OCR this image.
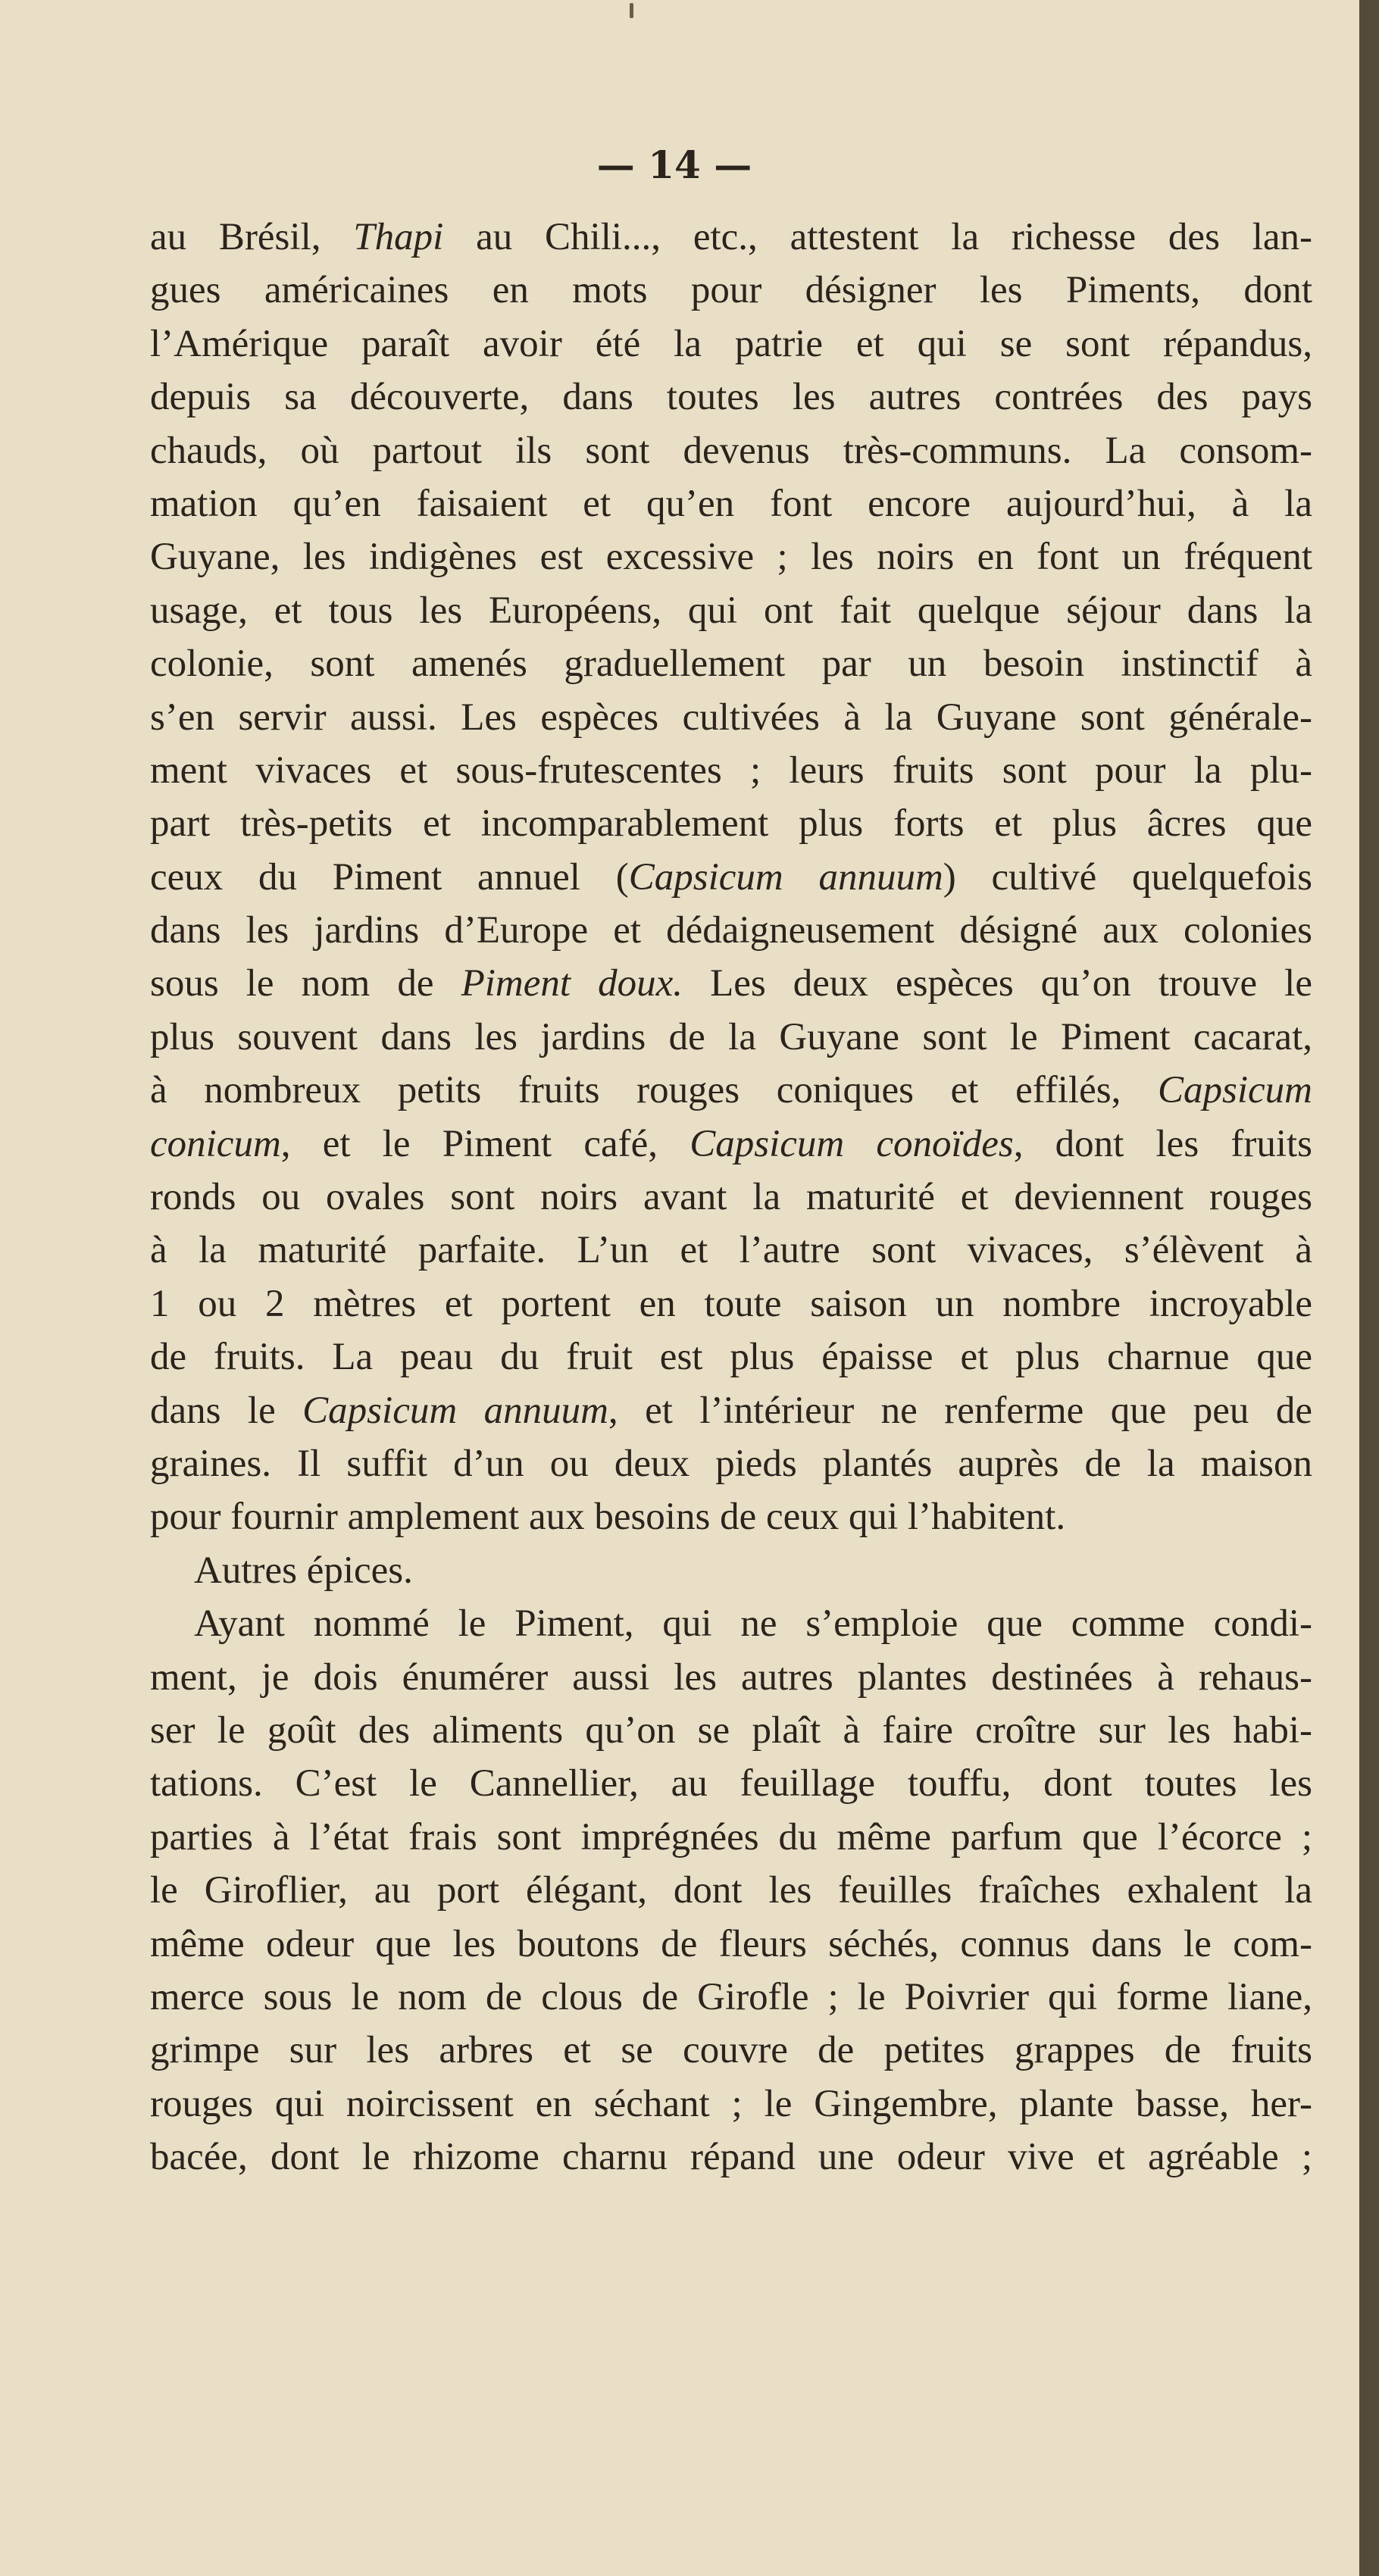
— 14 —
au Brésil, Thapi au Chili..., etc., attestent la richesse des lan-
gues américaines en mots pour désigner les Piments, dont
l’Amérique paraît avoir été la patrie et qui se sont répandus,
depuis sa découverte, dans toutes les autres contrées des pays
chauds, où partout ils sont devenus très-communs. La consom-
mation qu’en faisaient et qu’en font encore aujourd’hui, à la
Guyane, les indigènes est excessive ; les noirs en font un fréquent
usage, et tous les Européens, qui ont fait quelque séjour dans la
colonie, sont amenés graduellement par un besoin instinctif à
s’en servir aussi. Les espèces cultivées à la Guyane sont générale-
ment vivaces et sous-frutescentes ; leurs fruits sont pour la plu-
part très-petits et incomparablement plus forts et plus âcres que
ceux du Piment annuel (Capsicum annuum) cultivé quelquefois
dans les jardins d’Europe et dédaigneusement désigné aux colonies
sous le nom de Piment doux. Les deux espèces qu’on trouve le
plus souvent dans les jardins de la Guyane sont le Piment cacarat,
à nombreux petits fruits rouges coniques et effilés, Capsicum
conicum, et le Piment café, Capsicum conoïdes, dont les fruits
ronds ou ovales sont noirs avant la maturité et deviennent rouges
à la maturité parfaite. L’un et l’autre sont vivaces, s’élèvent à
1 ou 2 mètres et portent en toute saison un nombre incroyable
de fruits. La peau du fruit est plus épaisse et plus charnue que
dans le Capsicum annuum, et l’intérieur ne renferme que peu de
graines. Il suffit d’un ou deux pieds plantés auprès de la maison
pour fournir amplement aux besoins de ceux qui l’habitent.
Autres épices.
Ayant nommé le Piment, qui ne s’emploie que comme condi-
ment, je dois énumérer aussi les autres plantes destinées à rehaus-
ser le goût des aliments qu’on se plaît à faire croître sur les habi-
tations. C’est le Cannellier, au feuillage touffu, dont toutes les
parties à l’état frais sont imprégnées du même parfum que l’écorce ;
le Giroflier, au port élégant, dont les feuilles fraîches exhalent la
même odeur que les boutons de fleurs séchés, connus dans le com-
merce sous le nom de clous de Girofle ; le Poivrier qui forme liane,
grimpe sur les arbres et se couvre de petites grappes de fruits
rouges qui noircissent en séchant ; le Gingembre, plante basse, her-
bacée, dont le rhizome charnu répand une odeur vive et agréable ;
